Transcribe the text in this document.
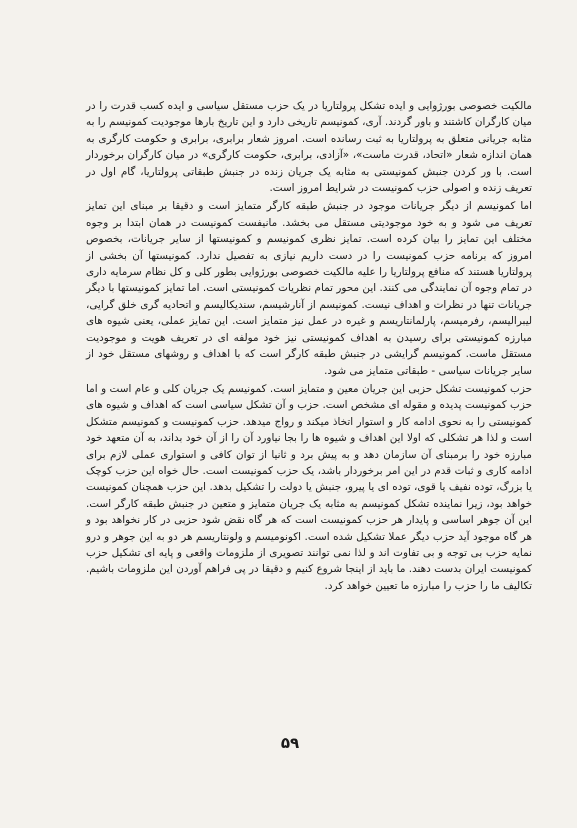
مالکیت خصوصی بورژوایی و ایده تشکل پرولتاریا در یک حزب مستقل سیاسی و ایده کسب قدرت را در میان کارگران کاشتند و باور گردند. آری، کمونیسم تاریخی دارد و این تاریخ بارها موجودیت کمونیسم را به مثابه جریانی متعلق به پرولتاریا به ثبت رسانده است. امروز شعار برابری، برابری و حکومت کارگری به همان اندازه شعار «اتحاد، قدرت ماست»، «آزادی، برابری، حکومت کارگری» در میان کارگران برخوردار است. با ور کردن جنبش کمونیستی به مثابه یک جریان زنده در جنبش طبقاتی پرولتاریا، گام اول در تعریف زنده و اصولی حزب کمونیست در شرایط امروز است.

اما کمونیسم از دیگر جریانات موجود در جنبش طبقه کارگر متمایز است و دقیقا بر مبنای این تمایز تعریف می شود و به خود موجودیتی مستقل می بخشد. مانیفست کمونیست در همان ابتدا بر وجوه مختلف این تمایز را بیان کرده است. تمایز نظری کمونیسم و کمونیستها از سایر جریانات، بخصوص امروز که برنامه حزب کمونیست را در دست داریم نیازی به تفصیل ندارد. کمونیستها آن بخشی از پرولتاریا هستند که منافع پرولتاریا را علیه مالکیت خصوصی بورژوایی بطور کلی و کل نظام سرمایه داری در تمام وجوه آن نمایندگی می کنند. این محور تمام نظریات کمونیستی است. اما تمایز کمونیستها با دیگر جریانات تنها در نظرات و اهداف نیست. کمونیسم از آنارشیسم، سندیکالیسم و اتحادیه گری خلق گرایی، لیبرالیسم، رفرمیسم، پارلمانتاریسم و غیره در عمل نیز متمایز است. این تمایز عملی، یعنی شیوه های مبارزه کمونیستی برای رسیدن به اهداف کمونیستی نیز خود مولفه ای در تعریف هویت و موجودیت مستقل ماست. کمونیسم گرایشی در جنبش طبقه کارگر است که با اهداف و روشهای مستقل خود از سایر جریانات سیاسی - طبقاتی متمایز می شود.

حزب کمونیست تشکل حزبی این جریان معین و متمایز است. کمونیسم یک جریان کلی و عام است و اما حزب کمونیست پدیده و مقوله ای مشخص است. حزب و آن تشکل سیاسی است که اهداف و شیوه های کمونیستی را به نحوی ادامه کار و استوار اتخاذ میکند و رواج میدهد. حزب کمونیست و کمونیسم متشکل است و لذا هر تشکلی که اولا این اهداف و شیوه ها را بجا نیاورد آن را از آن خود بداند، به آن متعهد خود مبارزه خود را برمبنای آن سازمان دهد و به پیش برد و ثانیا از توان کافی و استواری عملی لازم برای ادامه کاری و ثبات قدم در این امر برخوردار باشد، یک حزب کمونیست است. حال خواه این حزب کوچک یا بزرگ، توده نفیف یا قوی، توده ای یا پیرو، جنبش یا دولت را تشکیل بدهد. این حزب همچنان کمونیست خواهد بود، زیرا نماینده تشکل کمونیسم به مثابه یک جریان متمایز و متعین در جنبش طبقه کارگر است. این آن جوهر اساسی و پایدار هر حزب کمونیست است که هر گاه نقض شود حزبی در کار نخواهد بود و هر گاه موجود آید حزب دیگر عملا تشکیل شده است. اکونومیسم و ولونتاریسم هر دو به این جوهر و درو نمایه حزب بی توجه و بی تفاوت اند و لذا نمی توانند تصویری از ملزومات واقعی و پایه ای تشکیل حزب کمونیست ایران بدست دهند. ما باید از اینجا شروع کنیم و دقیقا در پی فراهم آوردن این ملزومات باشیم. تکالیف ما را حزب را مبارزه ما تعیین خواهد کرد.

۵۹
